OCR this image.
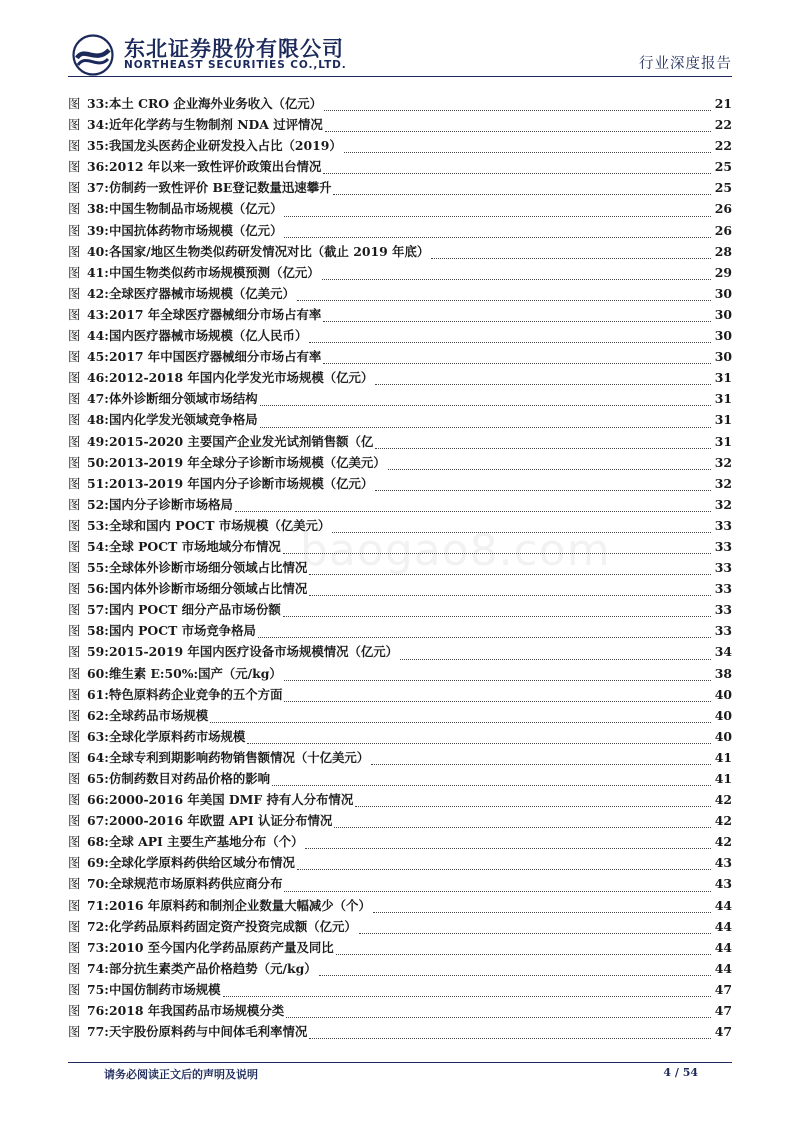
东北证券股份有限公司
NORTHEAST SECURITIES CO.,LTD.	行业深度报告
baogao8.com
图 33: 本土 CRO 企业海外业务收入（亿元）	21
图 34: 近年化学药与生物制剂 NDA 过评情况	22
图 35: 我国龙头医药企业研发投入占比（2019）	22
图 36: 2012 年以来一致性评价政策出台情况	25
图 37: 仿制药一致性评价 BE登记数量迅速攀升	25
图 38: 中国生物制品市场规模（亿元）	26
图 39: 中国抗体药物市场规模（亿元）	26
图 40: 各国家/地区生物类似药研发情况对比（截止 2019 年底）	28
图 41: 中国生物类似药市场规模预测（亿元）	29
图 42: 全球医疗器械市场规模（亿美元）	30
图 43: 2017 年全球医疗器械细分市场占有率	30
图 44: 国内医疗器械市场规模（亿人民币）	30
图 45: 2017 年中国医疗器械细分市场占有率	30
图 46: 2012-2018 年国内化学发光市场规模（亿元）	31
图 47: 体外诊断细分领域市场结构	31
图 48: 国内化学发光领域竞争格局	31
图 49: 2015-2020 主要国产企业发光试剂销售额（亿	31
图 50: 2013-2019 年全球分子诊断市场规模（亿美元）	32
图 51: 2013-2019 年国内分子诊断市场规模（亿元）	32
图 52: 国内分子诊断市场格局	32
图 53: 全球和国内 POCT 市场规模（亿美元）	33
图 54: 全球 POCT 市场地域分布情况	33
图 55: 全球体外诊断市场细分领域占比情况	33
图 56: 国内体外诊断市场细分领域占比情况	33
图 57: 国内 POCT 细分产品市场份额	33
图 58: 国内 POCT 市场竞争格局	33
图 59: 2015-2019 年国内医疗设备市场规模情况（亿元）	34
图 60: 维生素 E:50%:国产（元/kg）	38
图 61: 特色原料药企业竞争的五个方面	40
图 62: 全球药品市场规模	40
图 63: 全球化学原料药市场规模	40
图 64: 全球专利到期影响药物销售额情况（十亿美元）	41
图 65: 仿制药数目对药品价格的影响	41
图 66: 2000-2016 年美国 DMF 持有人分布情况	42
图 67: 2000-2016 年欧盟 API 认证分布情况	42
图 68: 全球 API 主要生产基地分布（个）	42
图 69: 全球化学原料药供给区域分布情况	43
图 70: 全球规范市场原料药供应商分布	43
图 71: 2016 年原料药和制剂企业数量大幅减少（个）	44
图 72: 化学药品原料药固定资产投资完成额（亿元）	44
图 73: 2010 至今国内化学药品原药产量及同比	44
图 74: 部分抗生素类产品价格趋势（元/kg）	44
图 75: 中国仿制药市场规模	47
图 76: 2018 年我国药品市场规模分类	47
图 77: 天宇股份原料药与中间体毛利率情况	47
请务必阅读正文后的声明及说明	4 / 54
